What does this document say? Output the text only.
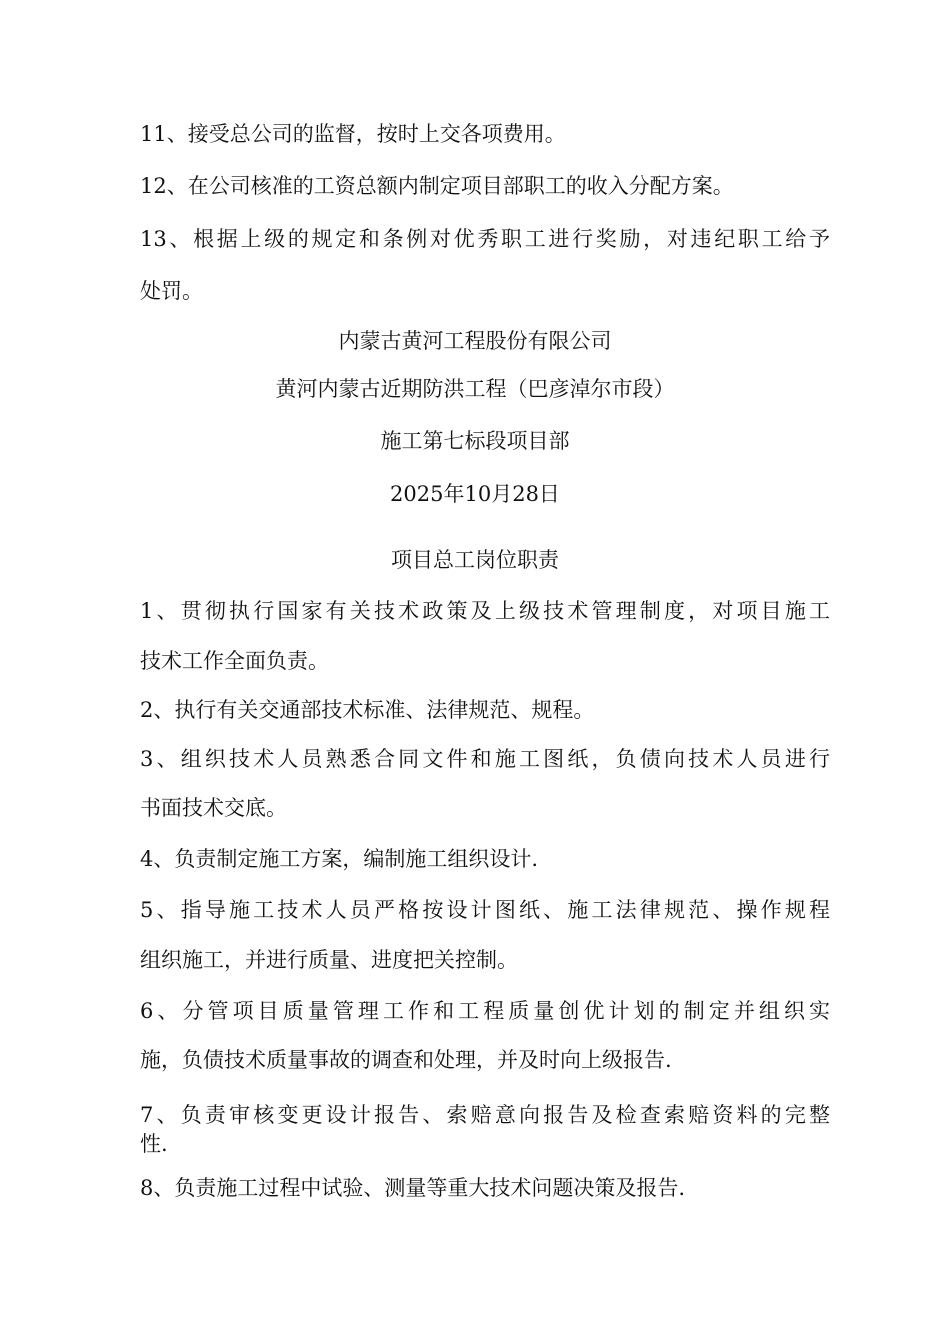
11、接受总公司的监督，按时上交各项费用。
12、在公司核准的工资总额内制定项目部职工的收入分配方案。
13、根据上级的规定和条例对优秀职工进行奖励，对违纪职工给予
处罚。
内蒙古黄河工程股份有限公司
黄河内蒙古近期防洪工程（巴彦淖尔市段）
施工第七标段项目部
2025年10月28日
项目总工岗位职责
1、贯彻执行国家有关技术政策及上级技术管理制度，对项目施工
技术工作全面负责。
2、执行有关交通部技术标准、法律规范、规程。
3、组织技术人员熟悉合同文件和施工图纸，负债向技术人员进行
书面技术交底。
4、负责制定施工方案，编制施工组织设计.
5、指导施工技术人员严格按设计图纸、施工法律规范、操作规程
组织施工，并进行质量、进度把关控制。
6、分管项目质量管理工作和工程质量创优计划的制定并组织实
施，负债技术质量事故的调查和处理，并及时向上级报告.
7、负责审核变更设计报告、索赔意向报告及检查索赔资料的完整
性.
8、负责施工过程中试验、测量等重大技术问题决策及报告.
